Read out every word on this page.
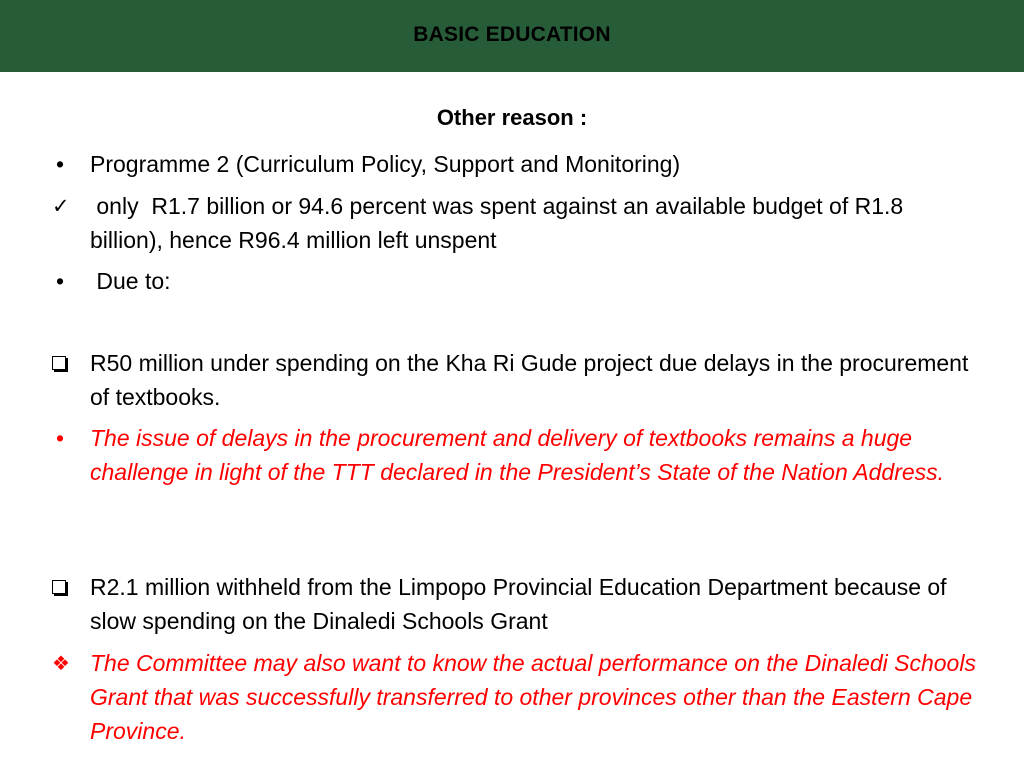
BASIC EDUCATION
Other reason :
•	Programme 2 (Curriculum Policy, Support and Monitoring)
✓ only  R1.7 billion or 94.6 percent was spent against an available budget of R1.8 billion), hence R96.4 million left unspent
•	Due to:
R50 million under spending on the Kha Ri Gude project due delays in the procurement of textbooks.
•	The issue of delays in the procurement and delivery of textbooks remains a huge challenge in light of the TTT declared in the President’s State of the Nation Address.
R2.1 million withheld from the Limpopo Provincial Education Department because of slow spending on the Dinaledi Schools Grant
❖ The Committee may also want to know the actual performance on the Dinaledi Schools Grant that was successfully transferred to other provinces other than the Eastern Cape Province.
